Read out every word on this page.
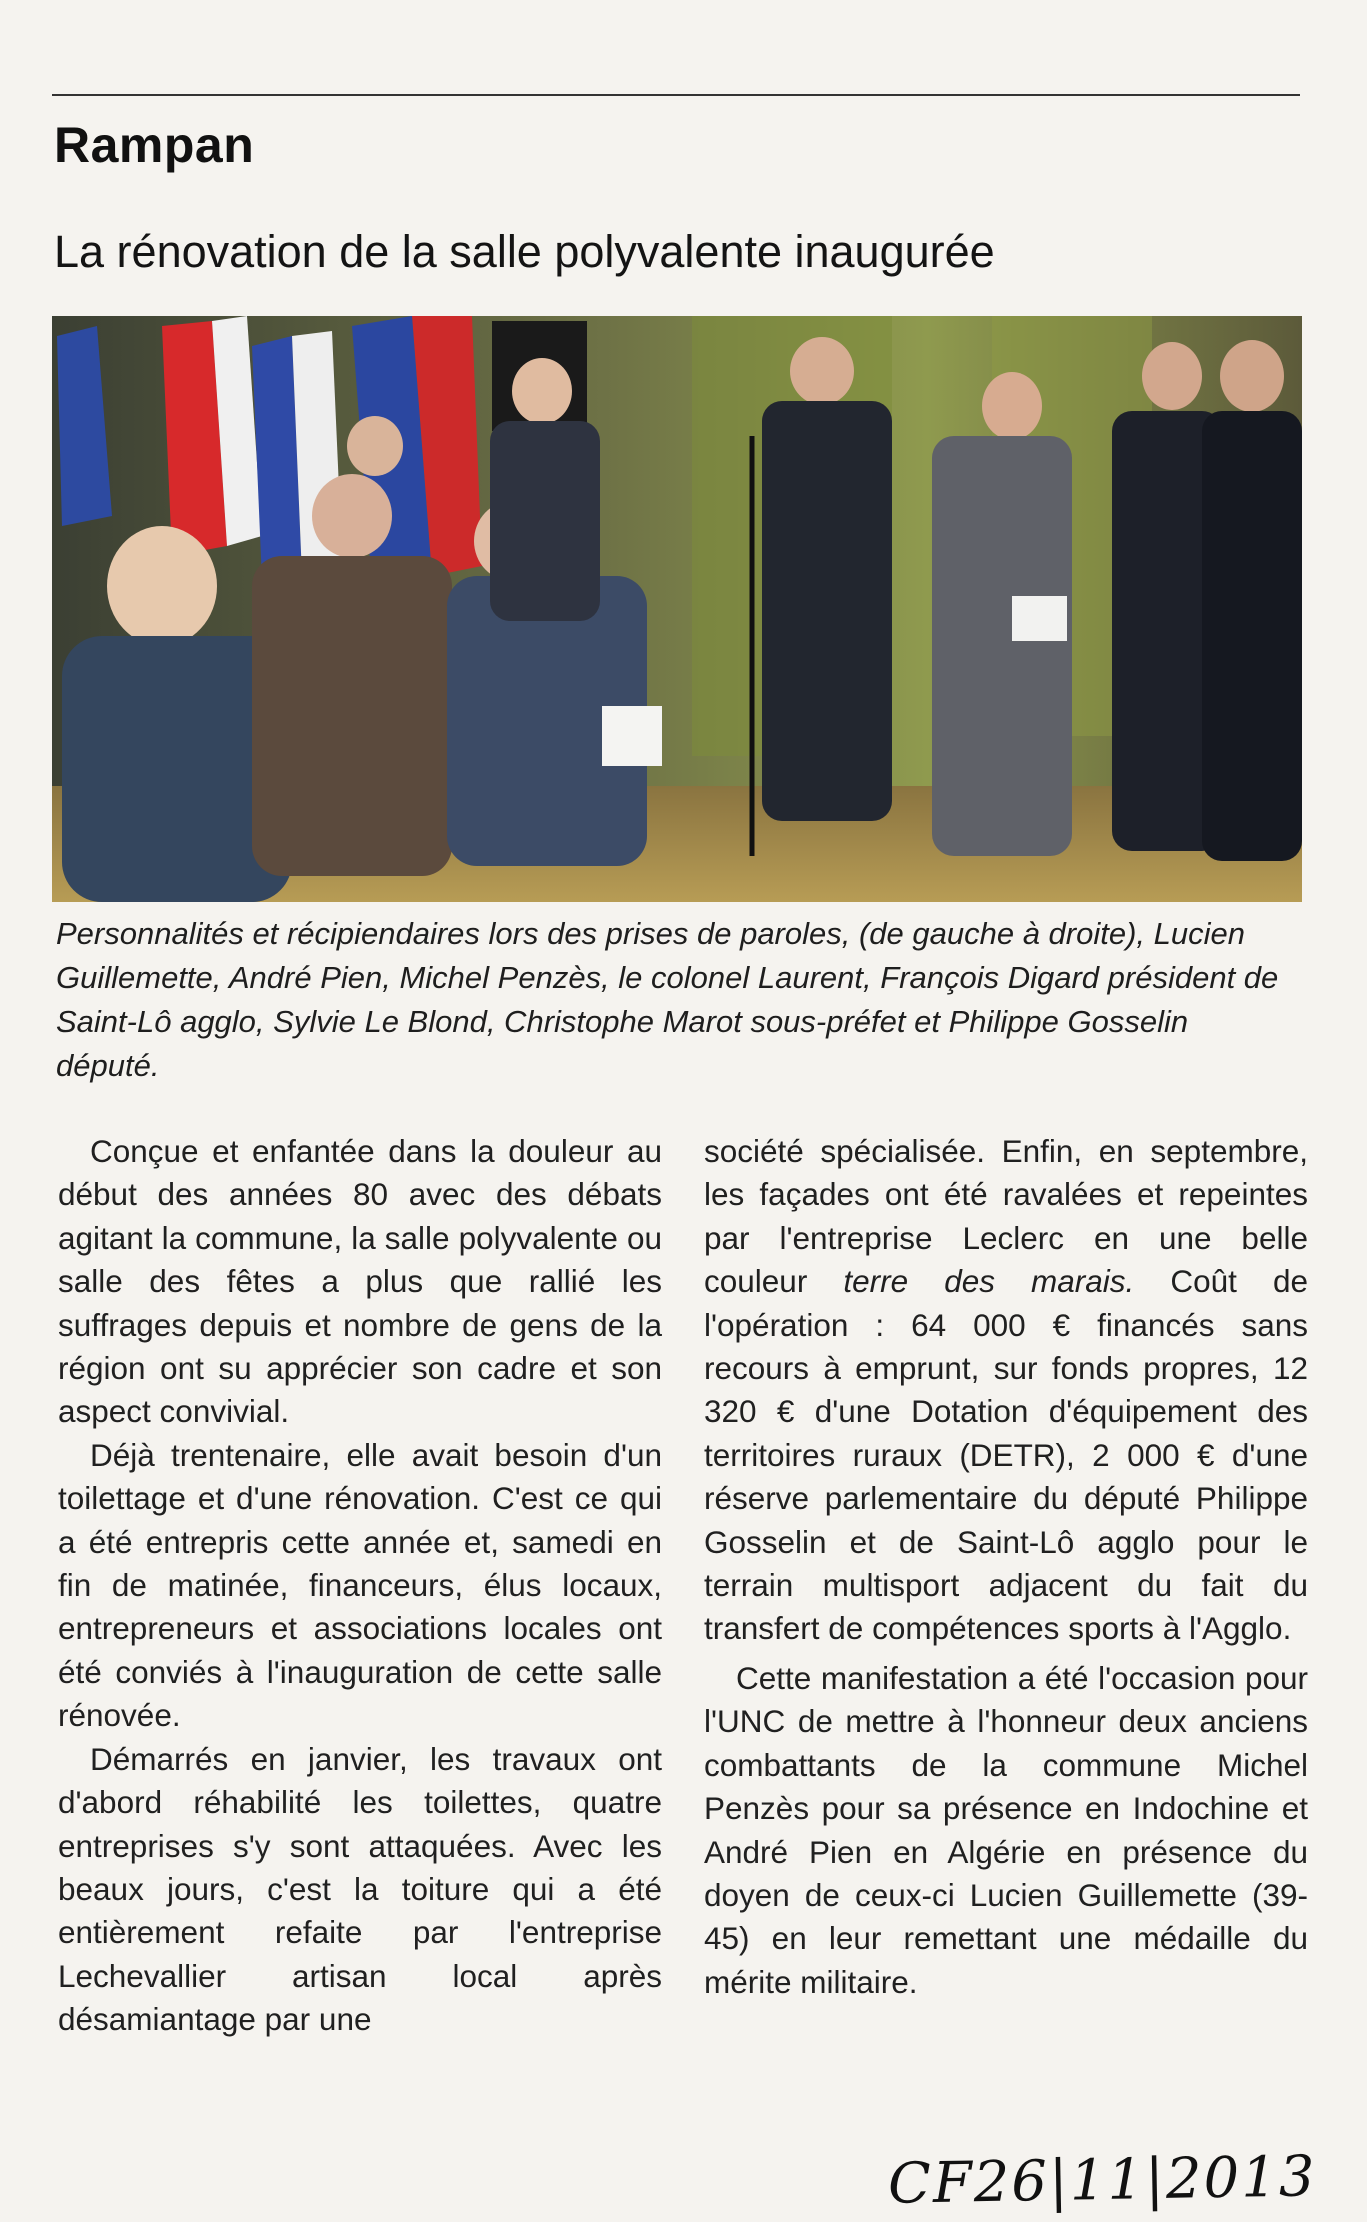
Rampan
La rénovation de la salle polyvalente inaugurée

Personnalités et récipiendaires lors des prises de paroles, (de gauche à droite), Lucien Guillemette, André Pien, Michel Penzès, le colonel Laurent, François Digard président de Saint-Lô agglo, Sylvie Le Blond, Christophe Marot sous-préfet et Philippe Gosselin député.

Conçue et enfantée dans la douleur au début des années 80 avec des débats agitant la commune, la salle polyvalente ou salle des fêtes a plus que rallié les suffrages depuis et nombre de gens de la région ont su apprécier son cadre et son aspect convivial.

Déjà trentenaire, elle avait besoin d'un toilettage et d'une rénovation. C'est ce qui a été entrepris cette année et, samedi en fin de matinée, financeurs, élus locaux, entrepreneurs et associations locales ont été conviés à l'inauguration de cette salle rénovée.

Démarrés en janvier, les travaux ont d'abord réhabilité les toilettes, quatre entreprises s'y sont attaquées. Avec les beaux jours, c'est la toiture qui a été entièrement refaite par l'entreprise Lechevallier artisan local après désamiantage par une

société spécialisée. Enfin, en septembre, les façades ont été ravalées et repeintes par l'entreprise Leclerc en une belle couleur terre des marais. Coût de l'opération : 64 000 € financés sans recours à emprunt, sur fonds propres, 12 320 € d'une Dotation d'équipement des territoires ruraux (DETR), 2 000 € d'une réserve parlementaire du député Philippe Gosselin et de Saint-Lô agglo pour le terrain multisport adjacent du fait du transfert de compétences sports à l'Agglo.

Cette manifestation a été l'occasion pour l'UNC de mettre à l'honneur deux anciens combattants de la commune Michel Penzès pour sa présence en Indochine et André Pien en Algérie en présence du doyen de ceux-ci Lucien Guillemette (39-45) en leur remettant une médaille du mérite militaire.

CF26|11|2013
